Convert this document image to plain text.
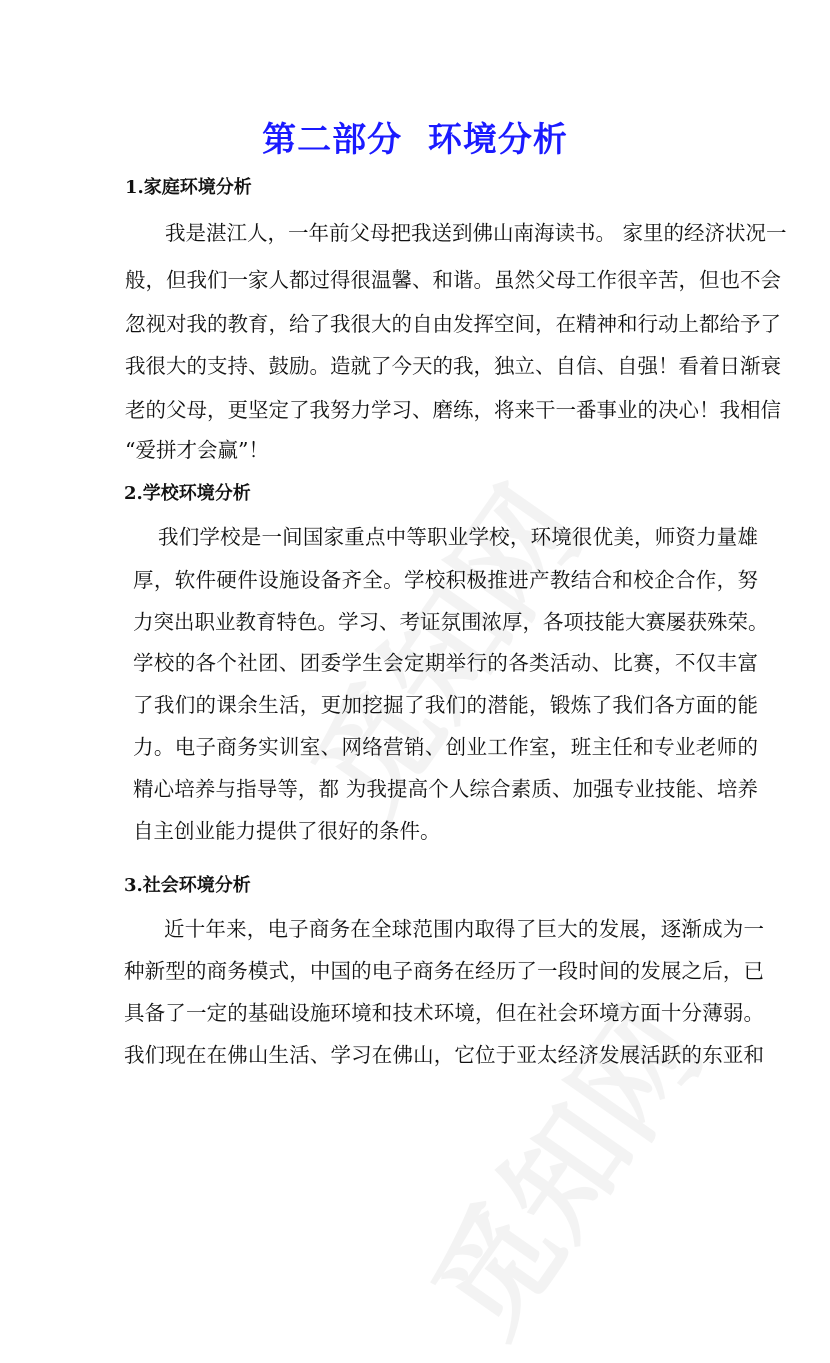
第二部分  环境分析
1.家庭环境分析
我是湛江人，一年前父母把我送到佛山南海读书。 家里的经济状况一
般，但我们一家人都过得很温馨、和谐。虽然父母工作很辛苦，但也不会
忽视对我的教育，给了我很大的自由发挥空间，在精神和行动上都给予了
我很大的支持、鼓励。造就了今天的我，独立、自信、自强！看着日渐衰
老的父母，更坚定了我努力学习、磨练，将来干一番事业的决心！我相信
“爱拼才会赢”！
2.学校环境分析
我们学校是一间国家重点中等职业学校，环境很优美，师资力量雄
厚，软件硬件设施设备齐全。学校积极推进产教结合和校企合作，努
力突出职业教育特色。学习、考证氛围浓厚，各项技能大赛屡获殊荣。
学校的各个社团、团委学生会定期举行的各类活动、比赛，不仅丰富
了我们的课余生活，更加挖掘了我们的潜能，锻炼了我们各方面的能
力。电子商务实训室、网络营销、创业工作室，班主任和专业老师的
精心培养与指导等，都 为我提高个人综合素质、加强专业技能、培养
自主创业能力提供了很好的条件。
3.社会环境分析
近十年来，电子商务在全球范围内取得了巨大的发展，逐渐成为一
种新型的商务模式，中国的电子商务在经历了一段时间的发展之后，已
具备了一定的基础设施环境和技术环境，但在社会环境方面十分薄弱。
我们现在在佛山生活、学习在佛山，它位于亚太经济发展活跃的东亚和
